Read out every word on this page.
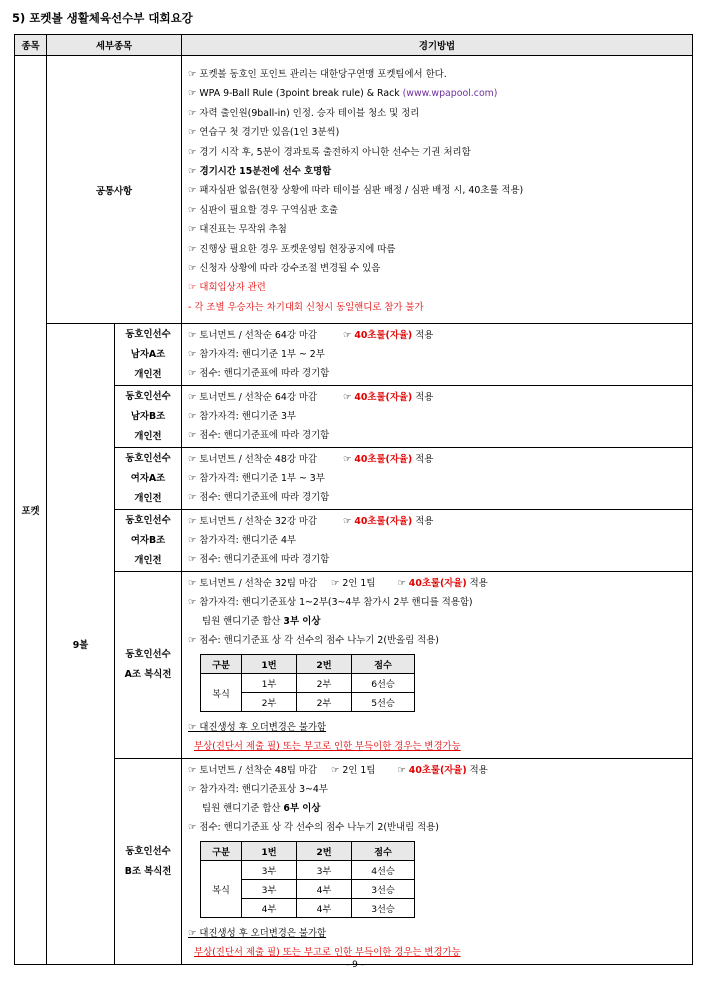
5) 포켓볼 생활체육선수부 대회요강
종목	세부종목	경기방법
포켓	공통사항	
☞ 포켓볼 동호인 포인트 관리는 대한당구연맹 포켓팀에서 한다.
☞ WPA 9-Ball Rule (3point break rule) & Rack (www.wpapool.com)
☞ 자력 출인원(9ball-in) 인정. 승자 테이블 청소 및 정리
☞ 연습구 첫 경기만 있음(1인 3분씩)
☞ 경기 시작 후, 5분이 경과토록 출전하지 아니한 선수는 기권 처리함
☞ 경기시간 15분전에 선수 호명함
☞ 패자심판 없음(현장 상황에 따라 테이블 심판 배정 / 심판 배정 시, 40초룰 적용)
☞ 심판이 필요할 경우 구역심판 호출
☞ 대진표는 무작위 추첨
☞ 진행상 필요한 경우 포켓운영팀 현장공지에 따름
☞ 신청자 상황에 따라 강수조절 변경될 수 있음
☞ 대회입상자 관련
- 각 조별 우승자는 차기대회 신청시 동일핸디로 참가 불가

9볼	
동호인선수
남자A조
개인전

☞ 토너먼트 / 선착순 64강 마감	☞ 40초룰(자율) 적용
☞ 참가자격: 핸디기준 1부 ~ 2부
☞ 점수: 핸디기준표에 따라 경기함

동호인선수
남자B조
개인전

☞ 토너먼트 / 선착순 64강 마감	☞ 40초룰(자율) 적용
☞ 참가자격: 핸디기준 3부
☞ 점수: 핸디기준표에 따라 경기함

동호인선수
여자A조
개인전

☞ 토너먼트 / 선착순 48강 마감	☞ 40초룰(자율) 적용
☞ 참가자격: 핸디기준 1부 ~ 3부
☞ 점수: 핸디기준표에 따라 경기함

동호인선수
여자B조
개인전

☞ 토너먼트 / 선착순 32강 마감	☞ 40초룰(자율) 적용
☞ 참가자격: 핸디기준 4부
☞ 점수: 핸디기준표에 따라 경기함

동호인선수
A조 복식전

☞ 토너먼트 / 선착순 32팀 마감 ☞ 2인 1팀 ☞ 40초룰(자율) 적용
☞ 참가자격: 핸디기준표상 1~2부(3~4부 참가시 2부 핸디를 적용함)
팀원 핸디기준 합산 3부 이상
☞ 점수: 핸디기준표 상 각 선수의 점수 나누기 2(반올림 적용)
구분	1번	2번	점수
복식	1부	2부	6선승
2부	2부	5선승
☞ 대진생성 후 오더변경은 불가함
부상(진단서 제출 필) 또는 부고로 인한 부득이한 경우는 변경가능

동호인선수
B조 복식전

☞ 토너먼트 / 선착순 48팀 마감 ☞ 2인 1팀 ☞ 40초룰(자율) 적용
☞ 참가자격: 핸디기준표상 3~4부
팀원 핸디기준 합산 6부 이상
☞ 점수: 핸디기준표 상 각 선수의 점수 나누기 2(반내림 적용)
구분	1번	2번	점수
복식	3부	3부	4선승
3부	4부	3선승
4부	4부	3선승
☞ 대진생성 후 오더변경은 불가함
부상(진단서 제출 필) 또는 부고로 인한 부득이한 경우는 변경가능
- 9 -
